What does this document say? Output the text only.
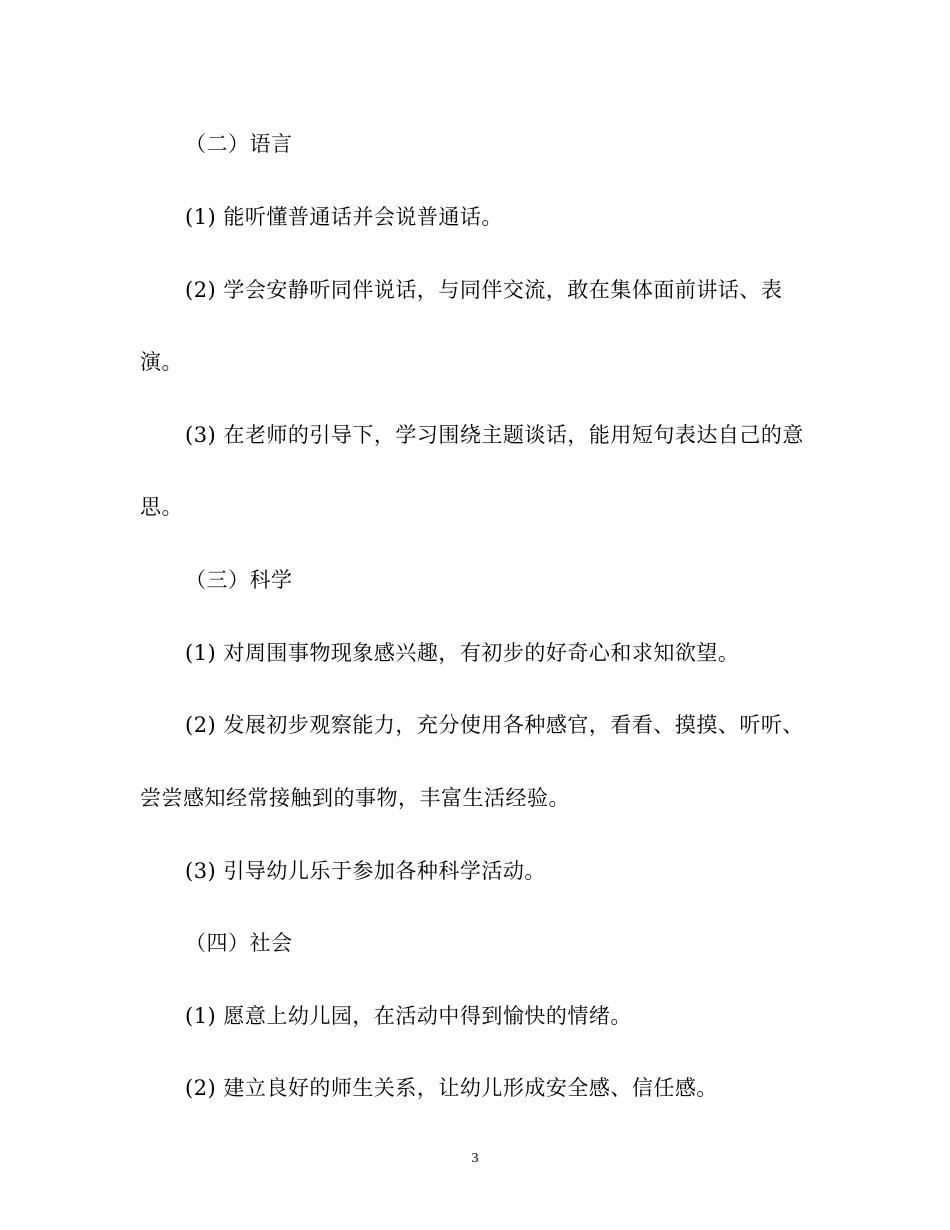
（二）语言
(1) 能听懂普通话并会说普通话。
(2) 学会安静听同伴说话，与同伴交流，敢在集体面前讲话、表
演。
(3) 在老师的引导下，学习围绕主题谈话，能用短句表达自己的意
思。
（三）科学
(1) 对周围事物现象感兴趣，有初步的好奇心和求知欲望。
(2) 发展初步观察能力，充分使用各种感官，看看、摸摸、听听、
尝尝感知经常接触到的事物，丰富生活经验。
(3) 引导幼儿乐于参加各种科学活动。
（四）社会
(1) 愿意上幼儿园，在活动中得到愉快的情绪。
(2) 建立良好的师生关系，让幼儿形成安全感、信任感。
3
